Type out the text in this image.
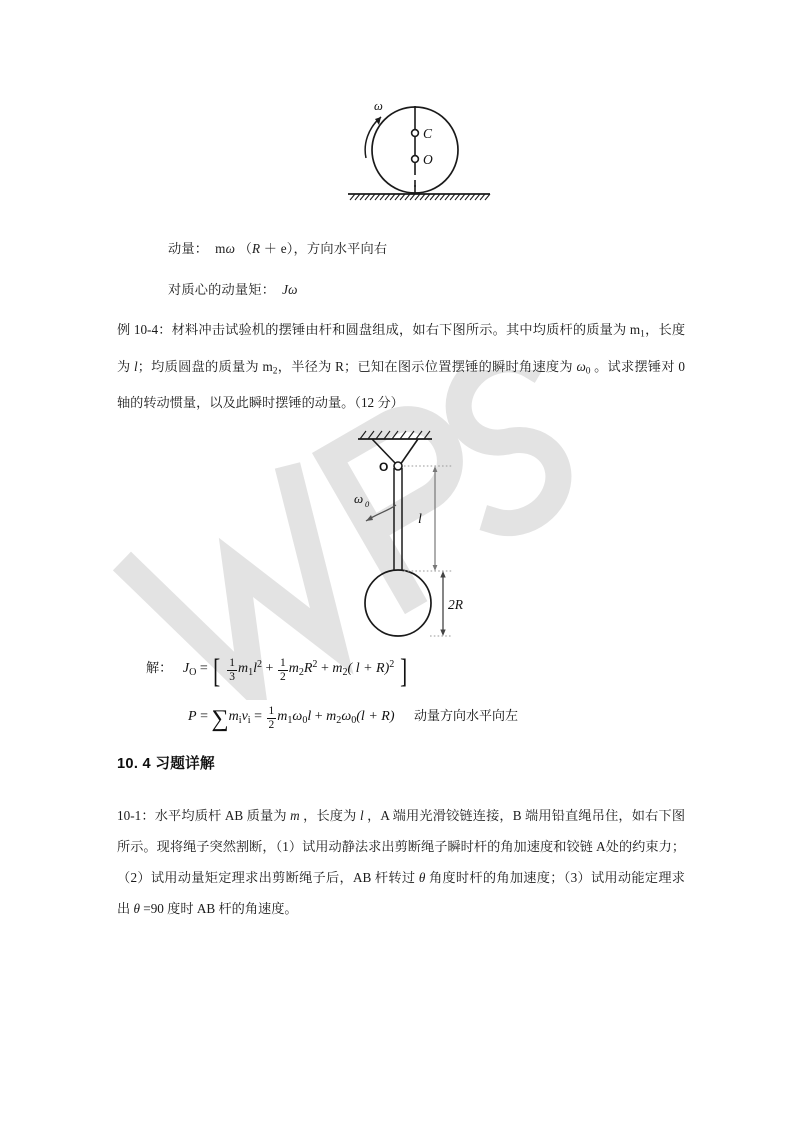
C
O
ω
动量： mω （R ＋ e），方向水平向右
对质心的动量矩： Jω
例 10-4：材料冲击试验机的摆锤由杆和圆盘组成，如右下图所示。其中均质杆的质量为 $m_1$，长度为 l；均质圆盘的质量为 $m_2$，半径为 R；已知在图示位置摆锤的瞬时角速度为 $\omega_0$ 。试求摆锤对 0 轴的转动惯量，以及此瞬时摆锤的动量。（12 分）
O
ω 0
l
2R
解： $J_O$ = [ $\frac{1}{3} m_1l^2 + \frac{1}{2} m_2R^2 + m_2$( l + R)$^2$ ]
$P = \sum m_iv_i = \frac{1}{2} m_1\omega_0l + m_2\omega_0(l + R)$ 动量方向水平向左
10. 4 习题详解
10-1：水平均质杆 AB 质量为 m ，长度为 l ，A 端用光滑铰链连接，B 端用铅直绳吊住，如右下图所示。现将绳子突然割断，（1）试用动静法求出剪断绳子瞬时杆的角加速度和铰链 A处的约束力；（2）试用动量矩定理求出剪断绳子后，AB 杆转过 θ 角度时杆的角加速度；（3）试用动能定理求出 θ =90 度时 AB 杆的角速度。
